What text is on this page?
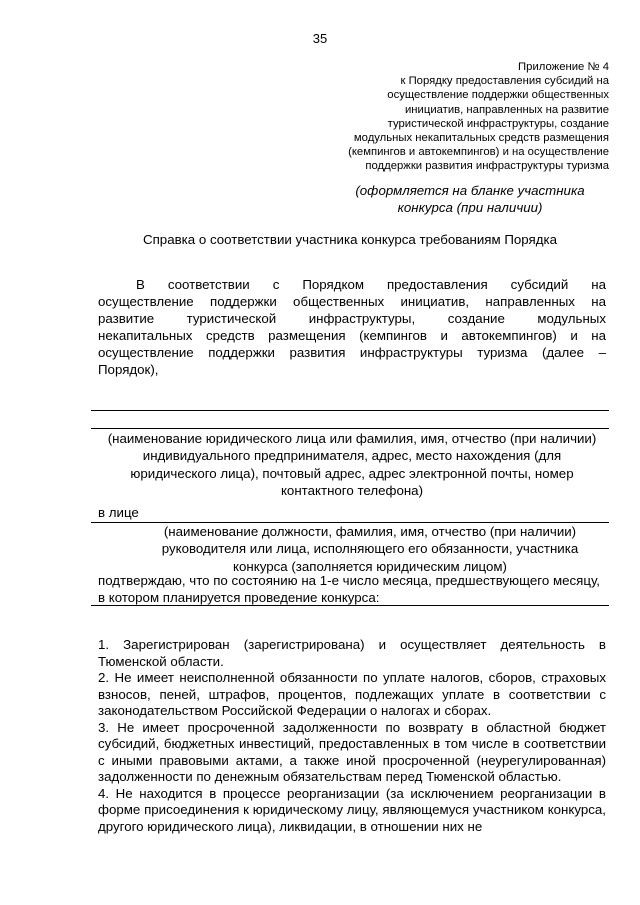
35
Приложение № 4
к Порядку предоставления субсидий на
осуществление поддержки общественных
инициатив, направленных на развитие
туристической инфраструктуры, создание
модульных некапитальных средств размещения
(кемпингов и автокемпингов) и на осуществление
поддержки развития инфраструктуры туризма
(оформляется на бланке участника
конкурса (при наличии)
Справка о соответствии участника конкурса требованиям Порядка
В соответствии с Порядком предоставления субсидий на
осуществление поддержки общественных инициатив, направленных на
развитие туристической инфраструктуры, создание модульных
некапитальных средств размещения (кемпингов и автокемпингов) и на
осуществление поддержки развития инфраструктуры туризма (далее –
Порядок),
(наименование юридического лица или фамилия, имя, отчество (при наличии) индивидуального предпринимателя, адрес, место нахождения (для юридического лица), почтовый адрес, адрес электронной почты, номер контактного телефона)
в лице
(наименование должности, фамилия, имя, отчество (при наличии) руководителя или лица, исполняющего его обязанности, участника конкурса (заполняется юридическим лицом)
подтверждаю, что по состоянию на 1-е число месяца, предшествующего месяцу, в котором планируется проведение конкурса:

1. Зарегистрирован (зарегистрирована) и осуществляет деятельность в Тюменской области.

2. Не имеет неисполненной обязанности по уплате налогов, сборов, страховых взносов, пеней, штрафов, процентов, подлежащих уплате в соответствии с законодательством Российской Федерации о налогах и сборах.

3. Не имеет просроченной задолженности по возврату в областной бюджет субсидий, бюджетных инвестиций, предоставленных в том числе в соответствии с иными правовыми актами, а также иной просроченной (неурегулированная) задолженности по денежным обязательствам перед Тюменской областью.

4. Не находится в процессе реорганизации (за исключением реорганизации в форме присоединения к юридическому лицу, являющемуся участником конкурса, другого юридического лица), ликвидации, в отношении них не
